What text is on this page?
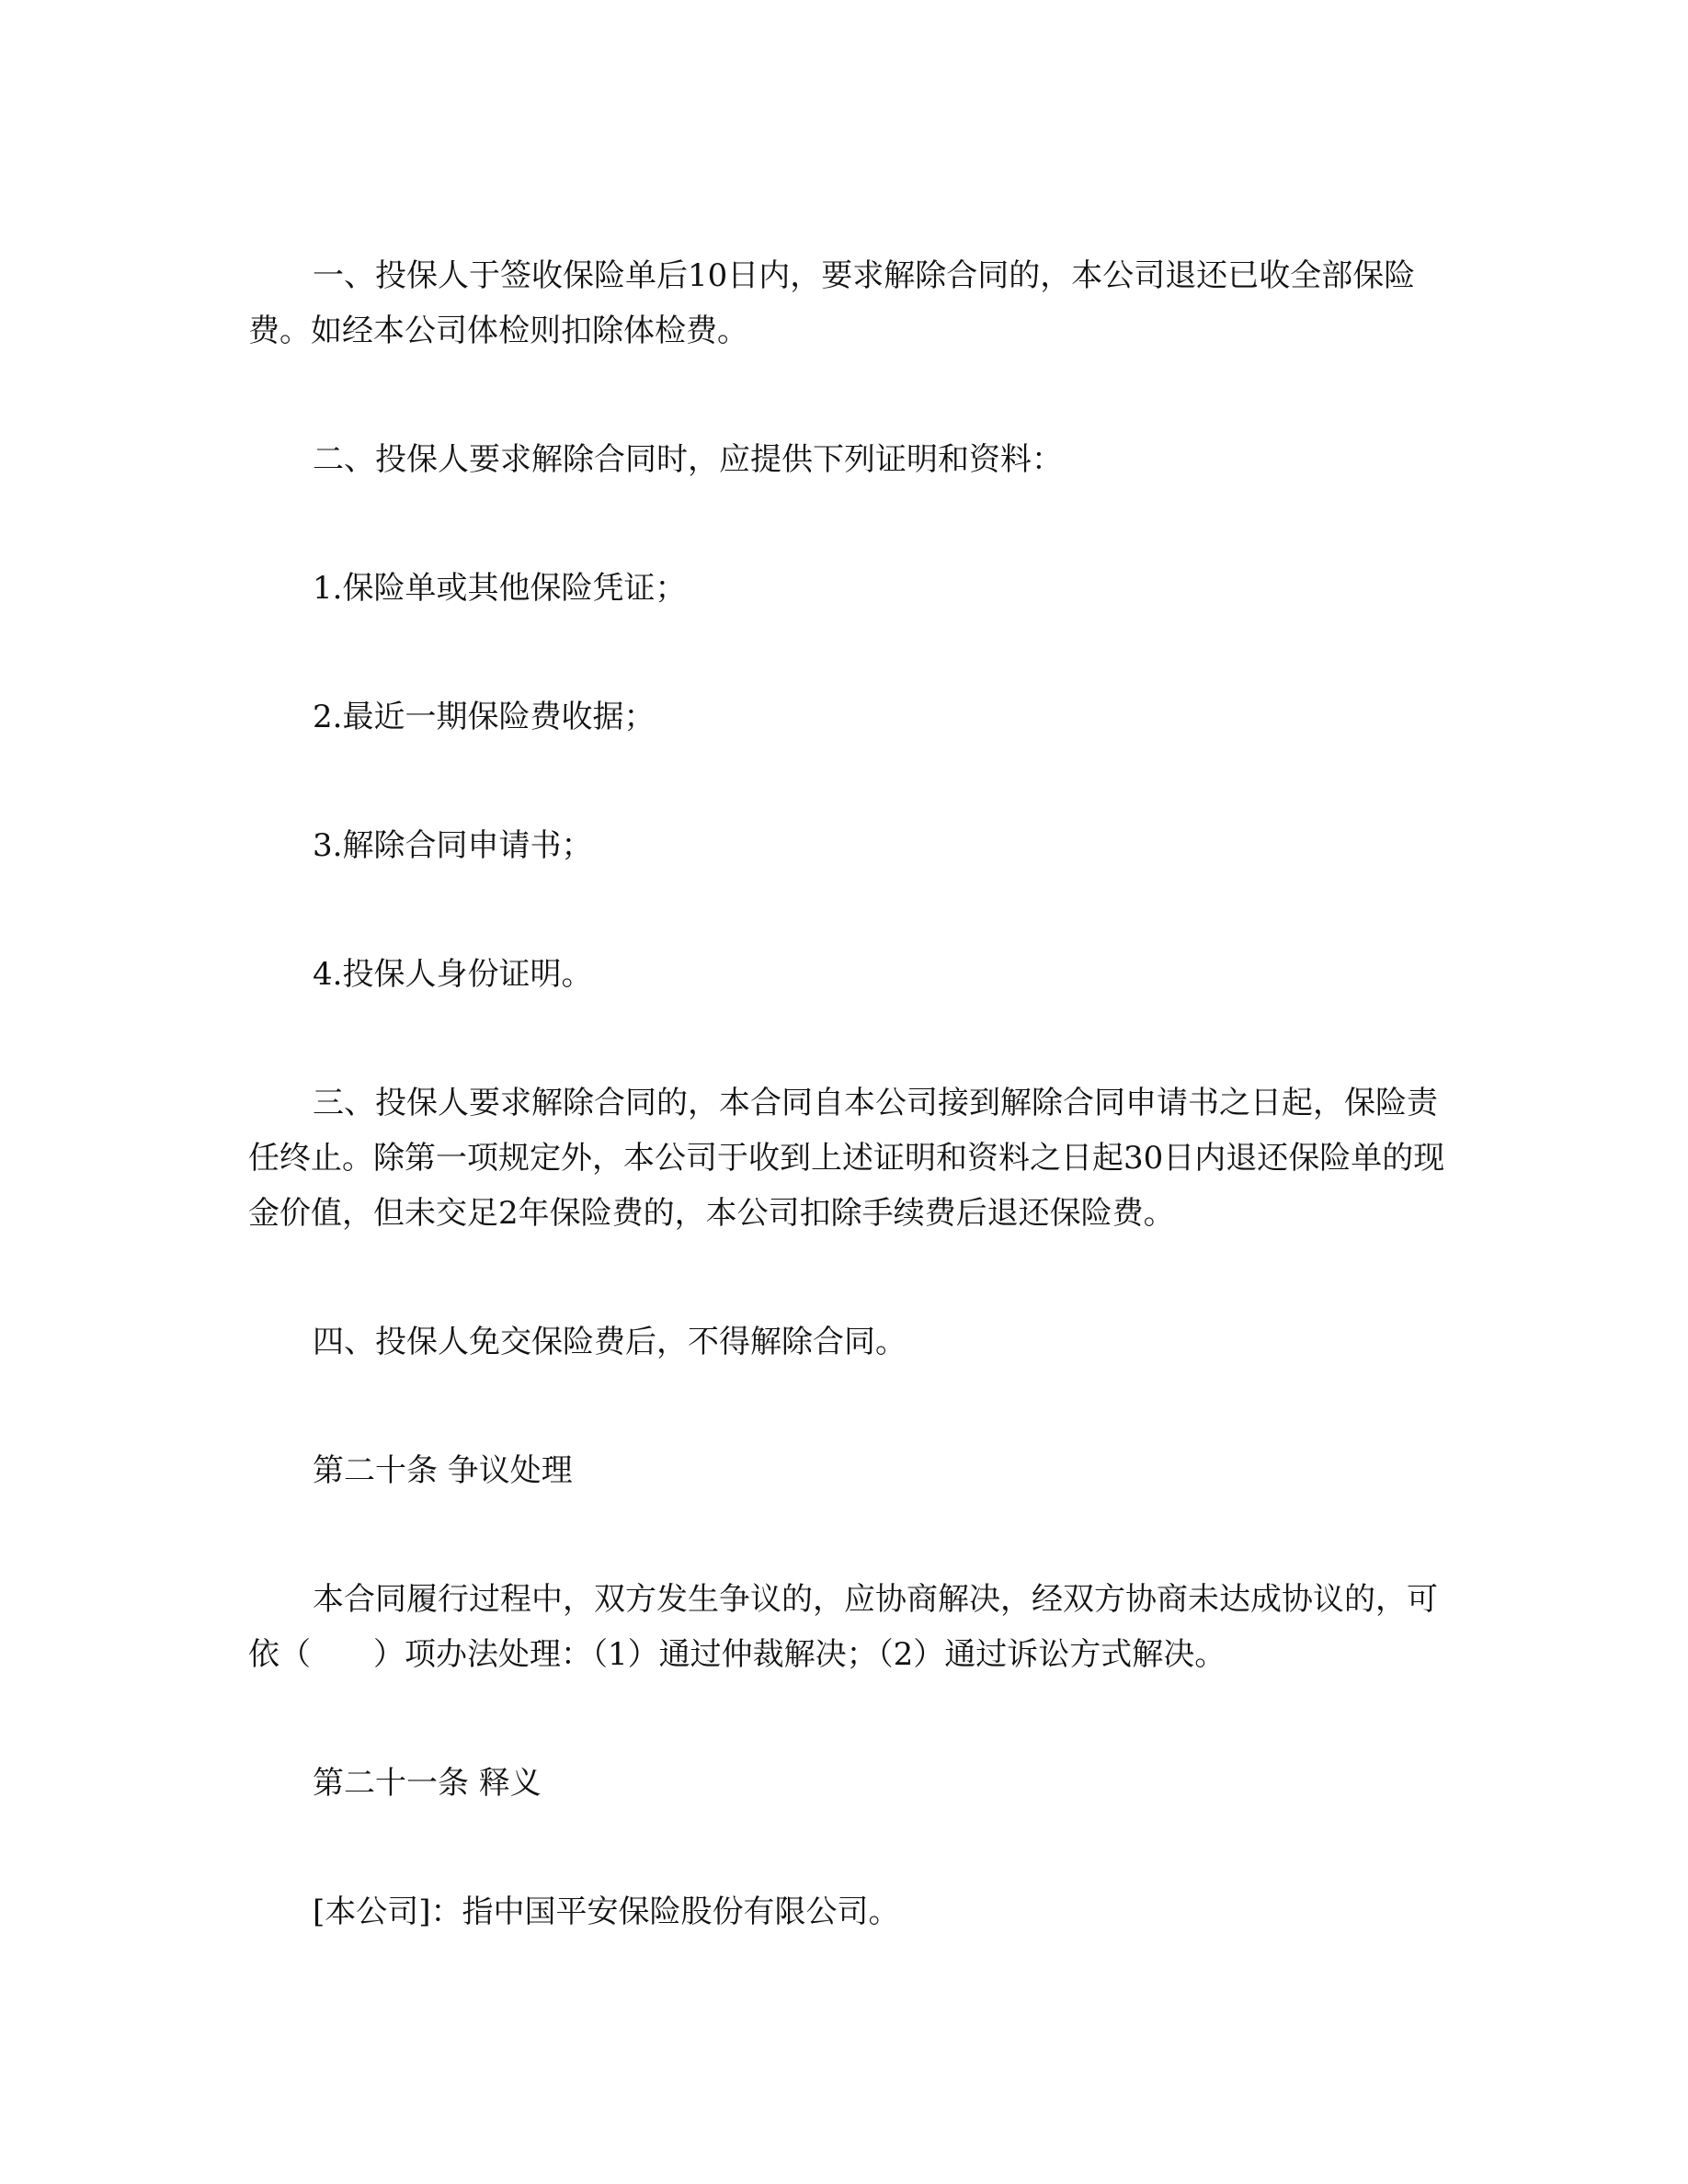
一、投保人于签收保险单后10日内，要求解除合同的，本公司退还已收全部保险费。如经本公司体检则扣除体检费。

二、投保人要求解除合同时，应提供下列证明和资料：

1.保险单或其他保险凭证；

2.最近一期保险费收据；

3.解除合同申请书；

4.投保人身份证明。

三、投保人要求解除合同的，本合同自本公司接到解除合同申请书之日起，保险责任终止。除第一项规定外，本公司于收到上述证明和资料之日起30日内退还保险单的现金价值，但未交足2年保险费的，本公司扣除手续费后退还保险费。

四、投保人免交保险费后，不得解除合同。

第二十条 争议处理

本合同履行过程中，双方发生争议的，应协商解决，经双方协商未达成协议的，可依（　　）项办法处理：（1）通过仲裁解决；（2）通过诉讼方式解决。

第二十一条 释义

[本公司]：指中国平安保险股份有限公司。
